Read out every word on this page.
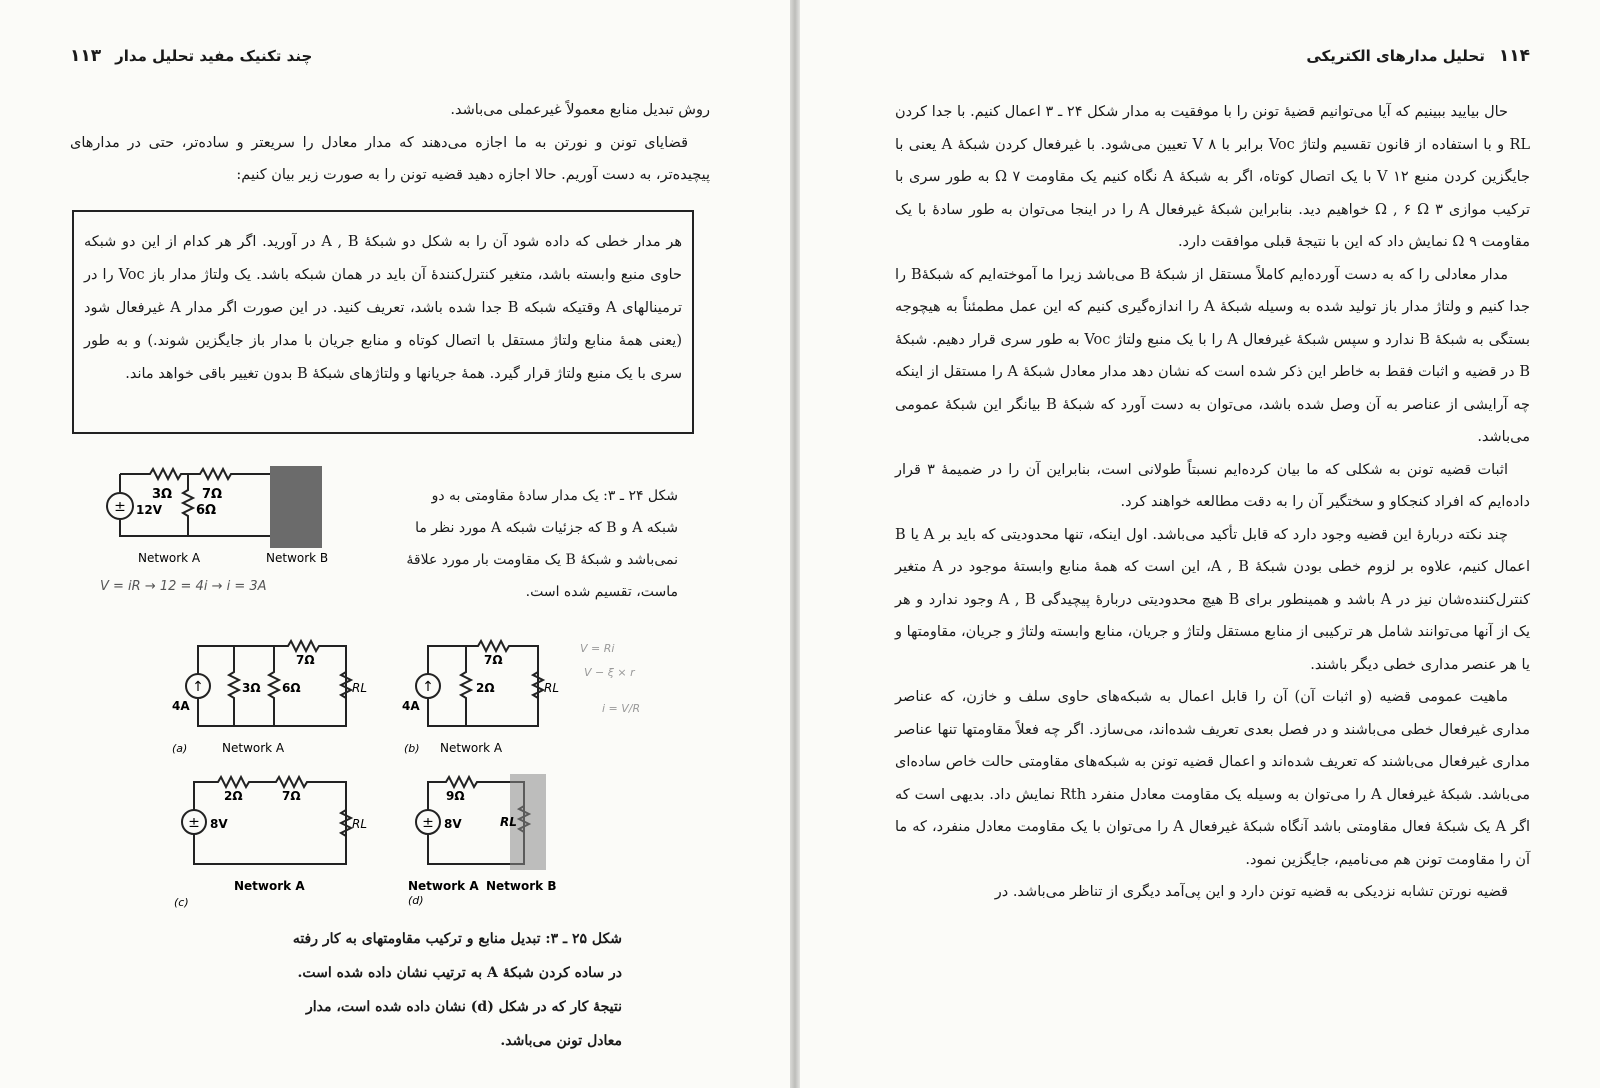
چند تکنیک مفید تحلیل مدار
۱۱۳

روش تبدیل منابع معمولاً غیرعملی می‌باشد.

قضایای تونن و نورتن به ما اجازه می‌دهند که مدار معادل را سریعتر و ساده‌تر، حتی در مدارهای پیچیده‌تر، به دست آوریم. حالا اجازه دهید قضیه تونن را به صورت زیر بیان کنیم:

هر مدار خطی که داده شود آن را به شکل دو شبکهٔ A , B در آورید. اگر هر کدام از این دو شبکه حاوی منبع وابسته باشد، متغیر کنترل‌کنندهٔ آن باید در همان شبکه باشد. یک ولتاژ مدار باز Voc را در ترمینالهای A وقتیکه شبکه B جدا شده باشد، تعریف کنید. در این صورت اگر مدار A غیرفعال شود (یعنی همهٔ منابع ولتاژ مستقل با اتصال کوتاه و منابع جریان با مدار باز جایگزین شوند.) و به طور سری با یک منبع ولتاژ قرار گیرد. همهٔ جریانها و ولتاژهای شبکهٔ B بدون تغییر باقی خواهد ماند.
±
3Ω 7Ω
6Ω
12V
Network A	Network B
V = iR → 12 = 4i → i = 3A
شکل ۲۴ ـ ۳: یک مدار سادهٔ مقاومتی به دو شبکه A و B که جزئیات شبکه A مورد نظر ما نمی‌باشد و شبکهٔ B یک مقاومت بار مورد علاقهٔ ماست، تقسیم شده است.
↑
4A
3Ω 6Ω
7Ω
RL
(a)	Network A
↑
4A
2Ω
7Ω
RL
(b) Network A
V = Ri
V − ξ × r
i = V/R
± 8V
2Ω	7Ω
RL
Network A
(c)
± 8V
9Ω
RL
Network A Network B
(d)
شکل ۲۵ ـ ۳: تبدیل منابع و ترکیب مقاومتهای به کار رفته در ساده کردن شبکهٔ A به ترتیب نشان داده شده است. نتیجهٔ کار که در شکل (d) نشان داده شده است، مدار معادل تونن می‌باشد.
۱۱۴
تحلیل مدارهای الکتریکی

حال بیایید ببینیم که آیا می‌توانیم قضیهٔ تونن را با موفقیت به مدار شکل ۲۴ ـ ۳ اعمال کنیم. با جدا کردن RL و با استفاده از قانون تقسیم ولتاژ Voc برابر با ۸ V تعیین می‌شود. با غیرفعال کردن شبکهٔ A یعنی با جایگزین کردن منبع ۱۲ V با یک اتصال کوتاه، اگر به شبکهٔ A نگاه کنیم یک مقاومت ۷ Ω به طور سری با ترکیب موازی ۳ Ω , ۶ Ω خواهیم دید. بنابراین شبکهٔ غیرفعال A را در اینجا می‌توان به طور سادهٔ با یک مقاومت ۹ Ω نمایش داد که این با نتیجهٔ قبلی موافقت دارد.

مدار معادلی را که به دست آورده‌ایم کاملاً مستقل از شبکهٔ B می‌باشد زیرا ما آموخته‌ایم که شبکهٔB را جدا کنیم و ولتاژ مدار باز تولید شده به وسیله شبکهٔ A را اندازه‌گیری کنیم که این عمل مطمئناً به هیچوجه بستگی به شبکهٔ B ندارد و سپس شبکهٔ غیرفعال A را با یک منبع ولتاژ Voc به طور سری قرار دهیم. شبکهٔ B در قضیه و اثبات فقط به خاطر این ذکر شده است که نشان دهد مدار معادل شبکهٔ A را مستقل از اینکه چه آرایشی از عناصر به آن وصل شده باشد، می‌توان به دست آورد که شبکهٔ B بیانگر این شبکهٔ عمومی می‌باشد.

اثبات قضیه تونن به شکلی که ما بیان کرده‌ایم نسبتاً طولانی است، بنابراین آن را در ضمیمهٔ ۳ قرار داده‌ایم که افراد کنجکاو و سختگیر آن را به دقت مطالعه خواهند کرد.

چند نکته دربارهٔ این قضیه وجود دارد که قابل تأکید می‌باشد. اول اینکه، تنها محدودیتی که باید بر A یا B اعمال کنیم، علاوه بر لزوم خطی بودن شبکهٔ A , B، این است که همهٔ منابع وابستهٔ موجود در A متغیر کنترل‌کننده‌شان نیز در A باشد و همینطور برای B هیچ محدودیتی دربارهٔ پیچیدگی A , B وجود ندارد و هر یک از آنها می‌توانند شامل هر ترکیبی از منابع مستقل ولتاژ و جریان، منابع وابسته ولتاژ و جریان، مقاومتها و یا هر عنصر مداری خطی دیگر باشند.

ماهیت عمومی قضیه (و اثبات آن) آن را قابل اعمال به شبکه‌های حاوی سلف و خازن، که عناصر مداری غیرفعال خطی می‌باشند و در فصل بعدی تعریف شده‌اند، می‌سازد. اگر چه فعلاً مقاومتها تنها عناصر مداری غیرفعال می‌باشند که تعریف شده‌اند و اعمال قضیه تونن به شبکه‌های مقاومتی حالت خاص ساده‌ای می‌باشد. شبکهٔ غیرفعال A را می‌توان به وسیله یک مقاومت معادل منفرد Rth نمایش داد. بدیهی است که اگر A یک شبکهٔ فعال مقاومتی باشد آنگاه شبکهٔ غیرفعال A را می‌توان با یک مقاومت معادل منفرد، که ما آن را مقاومت تونن هم می‌نامیم، جایگزین نمود.

قضیه نورتن تشابه نزدیکی به قضیه تونن دارد و این پی‌آمد دیگری از تناظر می‌باشد. در
